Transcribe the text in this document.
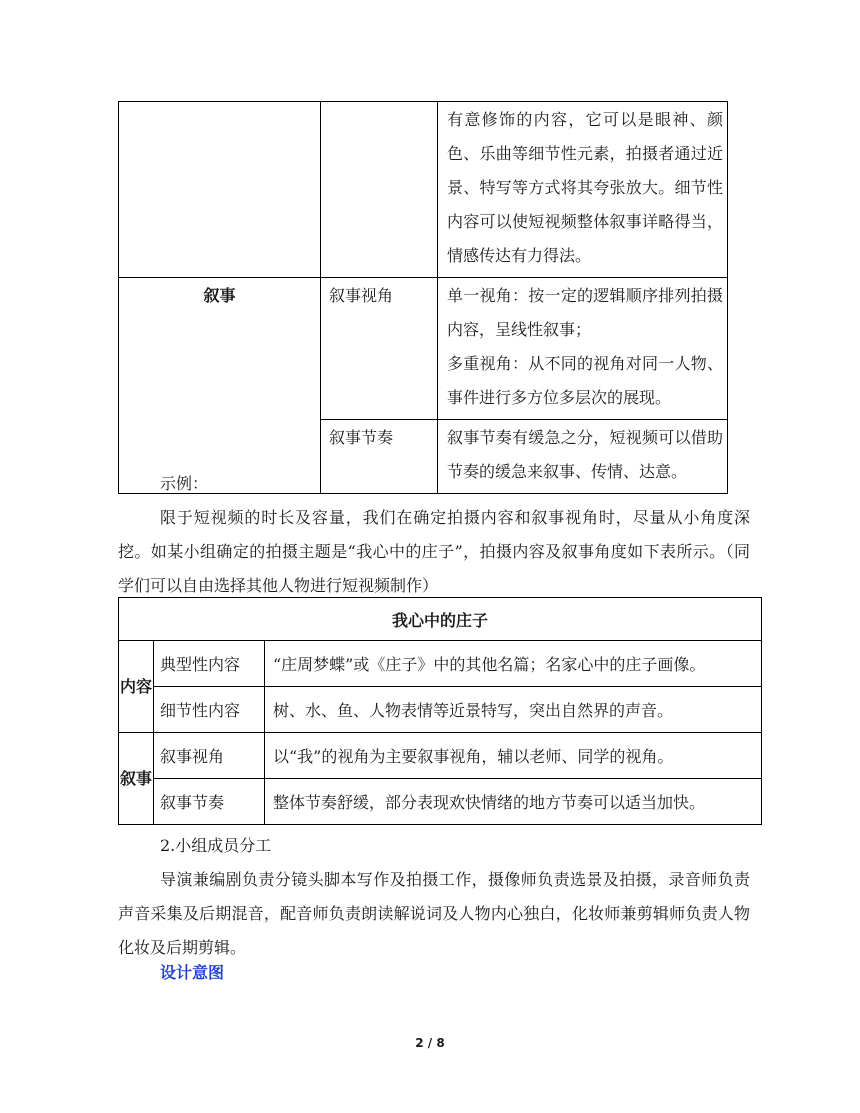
		有意修饰的内容，它可以是眼神、颜色、乐曲等细节性元素，拍摄者通过近景、特写等方式将其夸张放大。细节性内容可以使短视频整体叙事详略得当，情感传达有力得法。

叙事	叙事视角	单一视角：按一定的逻辑顺序排列拍摄内容，呈线性叙事；
多重视角：从不同的视角对同一人物、事件进行多方位多层次的展现。

	叙事节奏	叙事节奏有缓急之分，短视频可以借助节奏的缓急来叙事、传情、达意。

示例：

限于短视频的时长及容量，我们在确定拍摄内容和叙事视角时，尽量从小角度深挖。如某小组确定的拍摄主题是“我心中的庄子”，拍摄内容及叙事角度如下表所示。（同学们可以自由选择其他人物进行短视频制作）

我心中的庄子		
内容	典型性内容	“庄周梦蝶”或《庄子》中的其他名篇；名家心中的庄子画像。
	细节性内容	树、水、鱼、人物表情等近景特写，突出自然界的声音。
叙事	叙事视角	以“我”的视角为主要叙事视角，辅以老师、同学的视角。
	叙事节奏	整体节奏舒缓，部分表现欢快情绪的地方节奏可以适当加快。

2.小组成员分工

导演兼编剧负责分镜头脚本写作及拍摄工作，摄像师负责选景及拍摄，录音师负责声音采集及后期混音，配音师负责朗读解说词及人物内心独白，化妆师兼剪辑师负责人物化妆及后期剪辑。

设计意图
2 / 8
